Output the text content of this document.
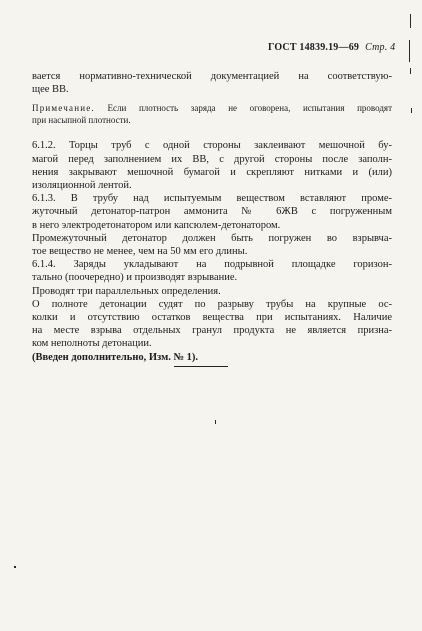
ГОСТ 14839.19—69 Стр. 4
вается нормативно-технической документацией на соответствую-
щее ВВ.
Примечание. Если плотность заряда не оговорена, испытания проводят
при насыпной плотности.
6.1.2. Торцы труб с одной стороны заклеивают мешочной бу-
магой перед заполнением их ВВ, с другой стороны после заполн-
нения закрывают мешочной бумагой и скрепляют нитками и (или)
изоляционной лентой.
6.1.3. В трубу над испытуемым веществом вставляют проме-
жуточный детонатор-патрон аммонита № 6ЖВ с погруженным
в него электродетонатором или капсюлем-детонатором.
Промежуточный детонатор должен быть погружен во взрывча-
тое вещество не менее, чем на 50 мм его длины.
6.1.4. Заряды укладывают на подрывной площадке горизон-
тально (поочередно) и производят взрывание.
Проводят три параллельных определения.
О полноте детонации судят по разрыву трубы на крупные ос-
колки и отсутствию остатков вещества при испытаниях. Наличие
на месте взрыва отдельных гранул продукта не является призна-
ком неполноты детонации.
(Введен дополнительно, Изм. № 1).
